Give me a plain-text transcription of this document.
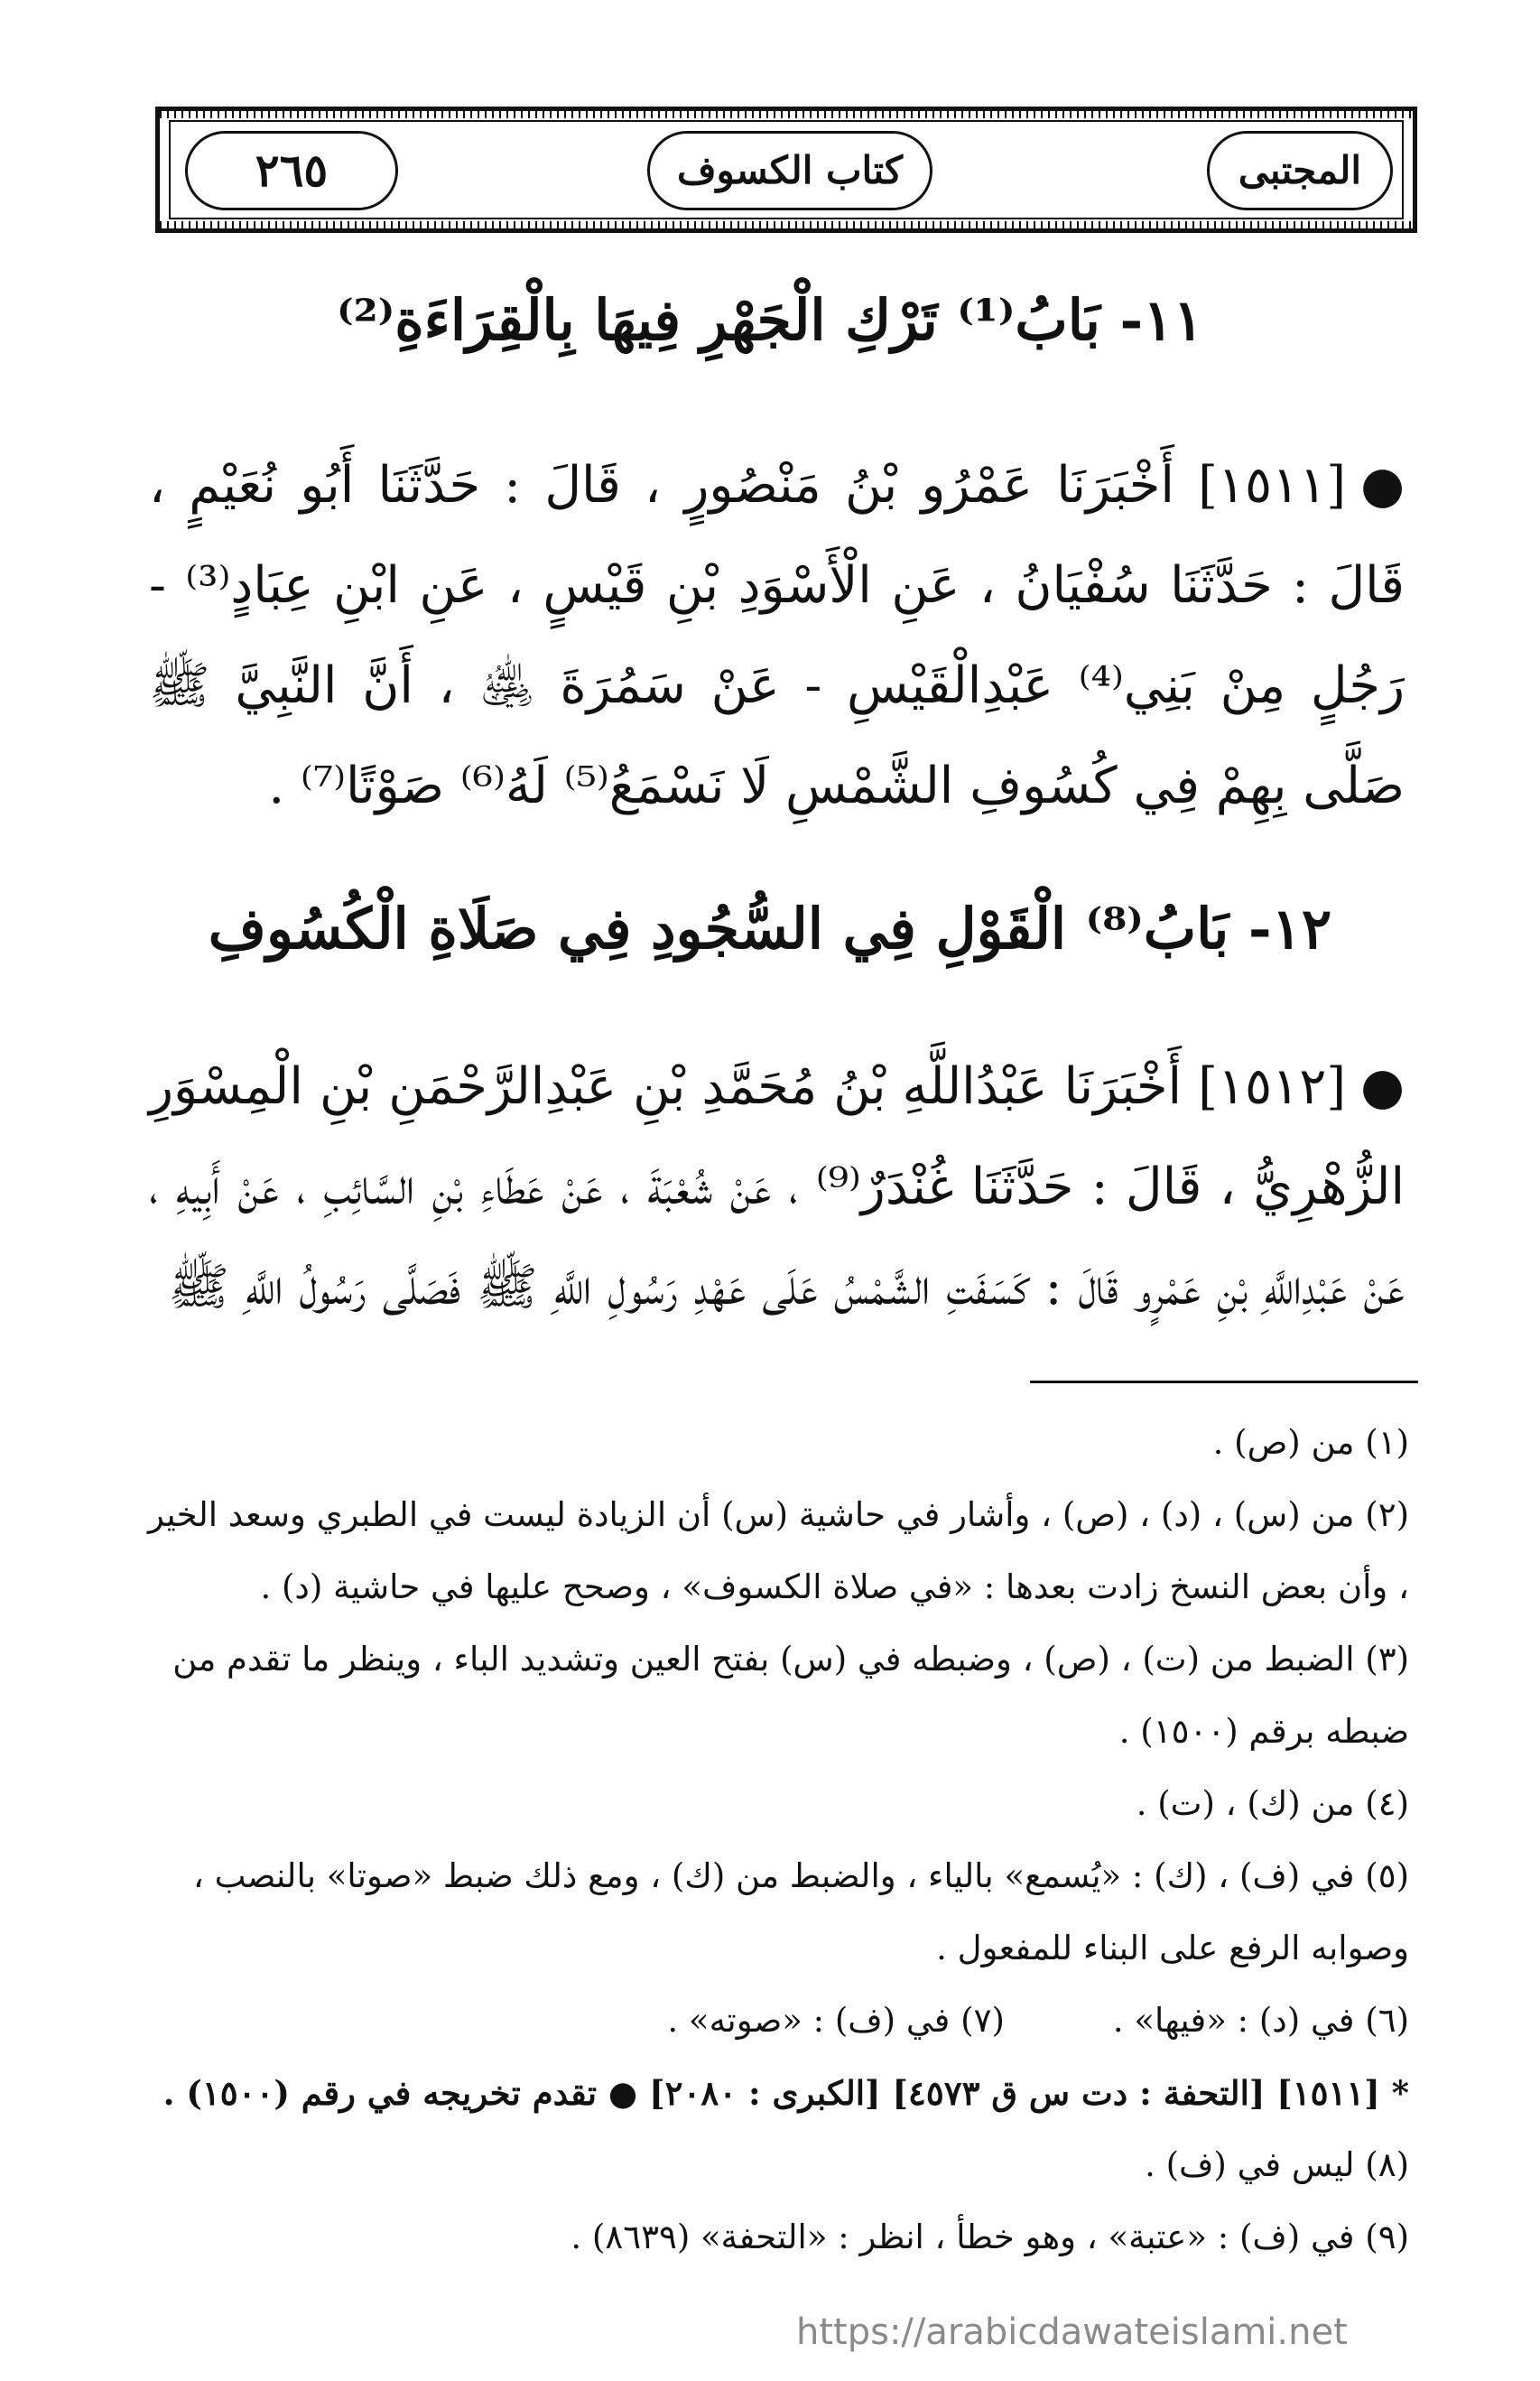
٢٦٥	كتاب الكسوف	المجتبى
١١- بَابُ⁽¹⁾ تَرْكِ الْجَهْرِ فِيهَا بِالْقِرَاءَةِ⁽²⁾
●[١٥١١] أَخْبَرَنَا عَمْرُو بْنُ مَنْصُورٍ ، قَالَ : حَدَّثَنَا أَبُو نُعَيْمٍ ، قَالَ : حَدَّثَنَا سُفْيَانُ ، عَنِ الْأَسْوَدِ بْنِ قَيْسٍ ، عَنِ ابْنِ عِبَادٍ⁽³⁾ - رَجُلٍ مِنْ بَنِي⁽⁴⁾ عَبْدِالْقَيْسِ - عَنْ سَمُرَةَ ﵁ ، أَنَّ النَّبِيَّ ﷺ صَلَّى بِهِمْ فِي كُسُوفِ الشَّمْسِ لَا نَسْمَعُ⁽⁵⁾ لَهُ⁽⁶⁾ صَوْتًا⁽⁷⁾ .
١٢- بَابُ⁽⁸⁾ الْقَوْلِ فِي السُّجُودِ فِي صَلَاةِ الْكُسُوفِ
●[١٥١٢] أَخْبَرَنَا عَبْدُاللَّهِ بْنُ مُحَمَّدِ بْنِ عَبْدِالرَّحْمَنِ بْنِ الْمِسْوَرِ الزُّهْرِيُّ ، قَالَ : حَدَّثَنَا غُنْدَرٌ⁽⁹⁾ ، عَنْ شُعْبَةَ ، عَنْ عَطَاءِ بْنِ السَّائِبِ ، عَنْ أَبِيهِ ، عَنْ عَبْدِاللَّهِ بْنِ عَمْرٍو قَالَ : كَسَفَتِ الشَّمْسُ عَلَى عَهْدِ رَسُولِ اللَّهِ ﷺ فَصَلَّى رَسُولُ اللَّهِ ﷺ

(١) من (ص) .

(٢) من (س) ، (د) ، (ص) ، وأشار في حاشية (س) أن الزيادة ليست في الطبري وسعد الخير ، وأن بعض النسخ زادت بعدها : «في صلاة الكسوف» ، وصحح عليها في حاشية (د) .

(٣) الضبط من (ت) ، (ص) ، وضبطه في (س) بفتح العين وتشديد الباء ، وينظر ما تقدم من ضبطه برقم (١٥٠٠) .

(٤) من (ك) ، (ت) .

(٥) في (ف) ، (ك) : «يُسمع» بالياء ، والضبط من (ك) ، ومع ذلك ضبط «صوتا» بالنصب ، وصوابه الرفع على البناء للمفعول .

(٦) في (د) : «فيها» .
(٧) في (ف) : «صوته» .

* [١٥١١] [التحفة : دت س ق ٤٥٧٣] [الكبرى : ٢٠٨٠] ● تقدم تخريجه في رقم (١٥٠٠) .

(٨) ليس في (ف) .

(٩) في (ف) : «عتبة» ، وهو خطأ ، انظر : «التحفة» (٨٦٣٩) .

https://arabicdawateislami.net
